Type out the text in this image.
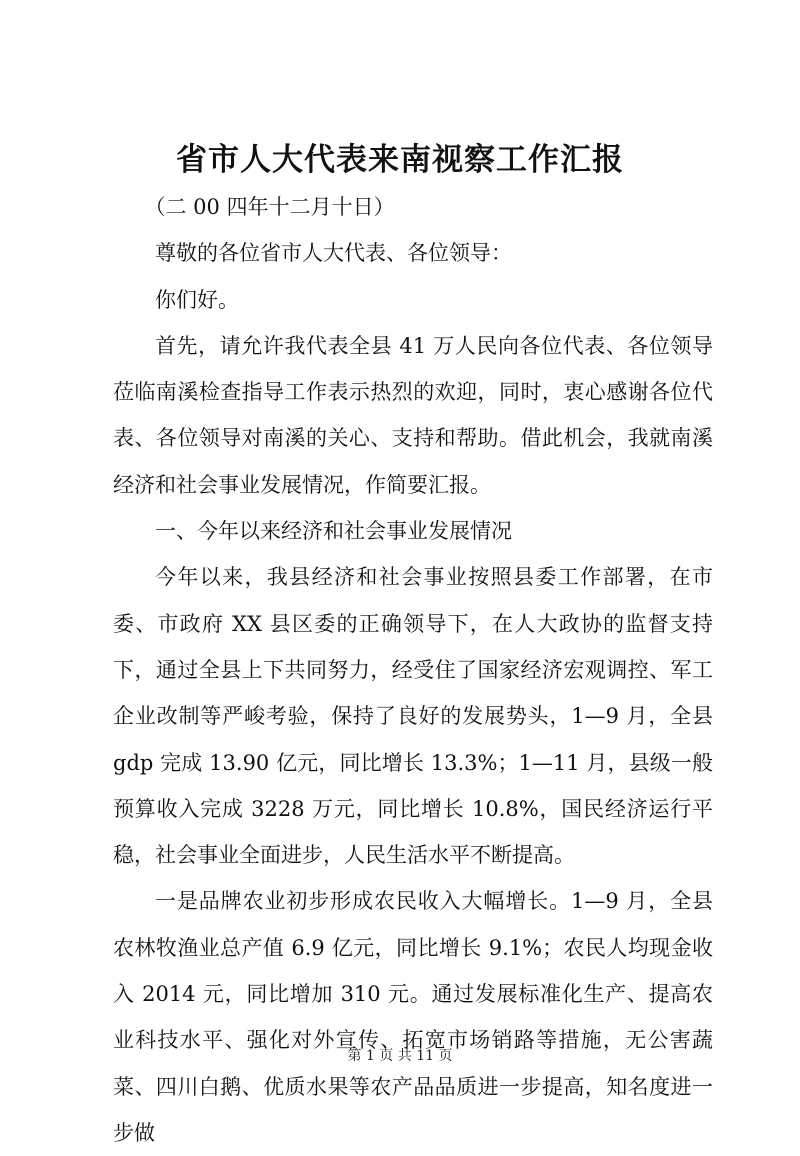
省市人大代表来南视察工作汇报

（二 00 四年十二月十日）

尊敬的各位省市人大代表、各位领导：

你们好。

首先，请允许我代表全县 41 万人民向各位代表、各位领导莅临南溪检查指导工作表示热烈的欢迎，同时，衷心感谢各位代表、各位领导对南溪的关心、支持和帮助。借此机会，我就南溪经济和社会事业发展情况，作简要汇报。

一、今年以来经济和社会事业发展情况

今年以来，我县经济和社会事业按照县委工作部署，在市委、市政府 XX 县区委的正确领导下，在人大政协的监督支持下，通过全县上下共同努力，经受住了国家经济宏观调控、军工企业改制等严峻考验，保持了良好的发展势头，1—9 月，全县 gdp 完成 13.90 亿元，同比增长 13.3%；1—11 月，县级一般预算收入完成 3228 万元，同比增长 10.8%，国民经济运行平稳，社会事业全面进步，人民生活水平不断提高。

一是品牌农业初步形成农民收入大幅增长。1—9 月，全县农林牧渔业总产值 6.9 亿元，同比增长 9.1%；农民人均现金收入 2014 元，同比增加 310 元。通过发展标准化生产、提高农业科技水平、强化对外宣传、拓宽市场销路等措施，无公害蔬菜、四川白鹅、优质水果等农产品品质进一步提高，知名度进一步做

第 1 页 共 11 页
